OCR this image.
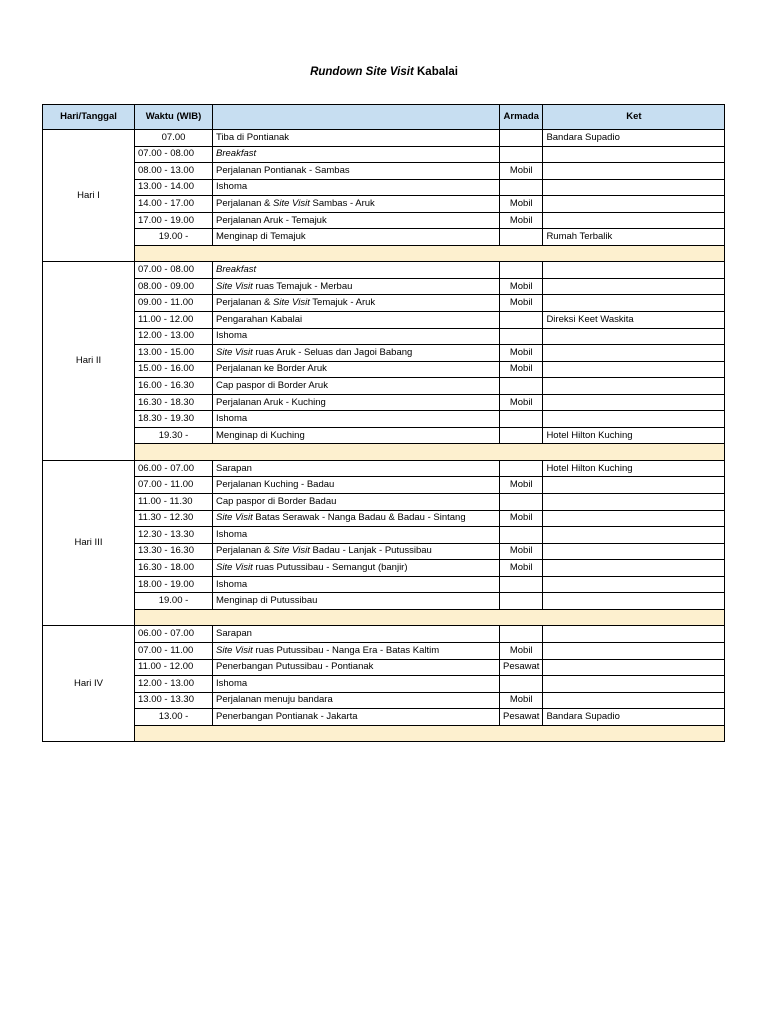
Rundown Site Visit Kabalai
Hari/Tanggal	Waktu (WIB)		Armada	Ket
Hari I	07.00	Tiba di Pontianak		Bandara Supadio
	07.00 - 08.00	Breakfast		
	08.00 - 13.00	Perjalanan Pontianak - Sambas	Mobil	
	13.00 - 14.00	Ishoma		
	14.00 - 17.00	Perjalanan & Site Visit Sambas - Aruk	Mobil	
	17.00 - 19.00	Perjalanan Aruk - Temajuk	Mobil	
	19.00 -	Menginap di Temajuk		Rumah Terbalik

Hari II	07.00 - 08.00	Breakfast		
	08.00 - 09.00	Site Visit ruas Temajuk - Merbau	Mobil	
	09.00 - 11.00	Perjalanan & Site Visit Temajuk - Aruk	Mobil	
	11.00 - 12.00	Pengarahan Kabalai		Direksi Keet Waskita
	12.00 - 13.00	Ishoma		
	13.00 - 15.00	Site Visit ruas Aruk - Seluas dan Jagoi Babang	Mobil	
	15.00 - 16.00	Perjalanan ke Border Aruk	Mobil	
	16.00 - 16.30	Cap paspor di Border Aruk		
	16.30 - 18.30	Perjalanan Aruk - Kuching	Mobil	
	18.30 - 19.30	Ishoma		
	19.30 -	Menginap di Kuching		Hotel Hilton Kuching

Hari III	06.00 - 07.00	Sarapan		Hotel Hilton Kuching
	07.00 - 11.00	Perjalanan Kuching - Badau	Mobil	
	11.00 - 11.30	Cap paspor di Border Badau		
	11.30 - 12.30	Site Visit Batas Serawak - Nanga Badau & Badau - Sintang	Mobil	
	12.30 - 13.30	Ishoma		
	13.30 - 16.30	Perjalanan & Site Visit Badau - Lanjak - Putussibau	Mobil	
	16.30 - 18.00	Site Visit ruas Putussibau - Semangut (banjir)	Mobil	
	18.00 - 19.00	Ishoma		
	19.00 -	Menginap di Putussibau		

Hari IV	06.00 - 07.00	Sarapan		
	07.00 - 11.00	Site Visit ruas Putussibau - Nanga Era - Batas Kaltim	Mobil	
	11.00 - 12.00	Penerbangan Putussibau - Pontianak	Pesawat	
	12.00 - 13.00	Ishoma		
	13.00 - 13.30	Perjalanan menuju bandara	Mobil	
	13.00 -	Penerbangan Pontianak - Jakarta	Pesawat	Bandara Supadio
